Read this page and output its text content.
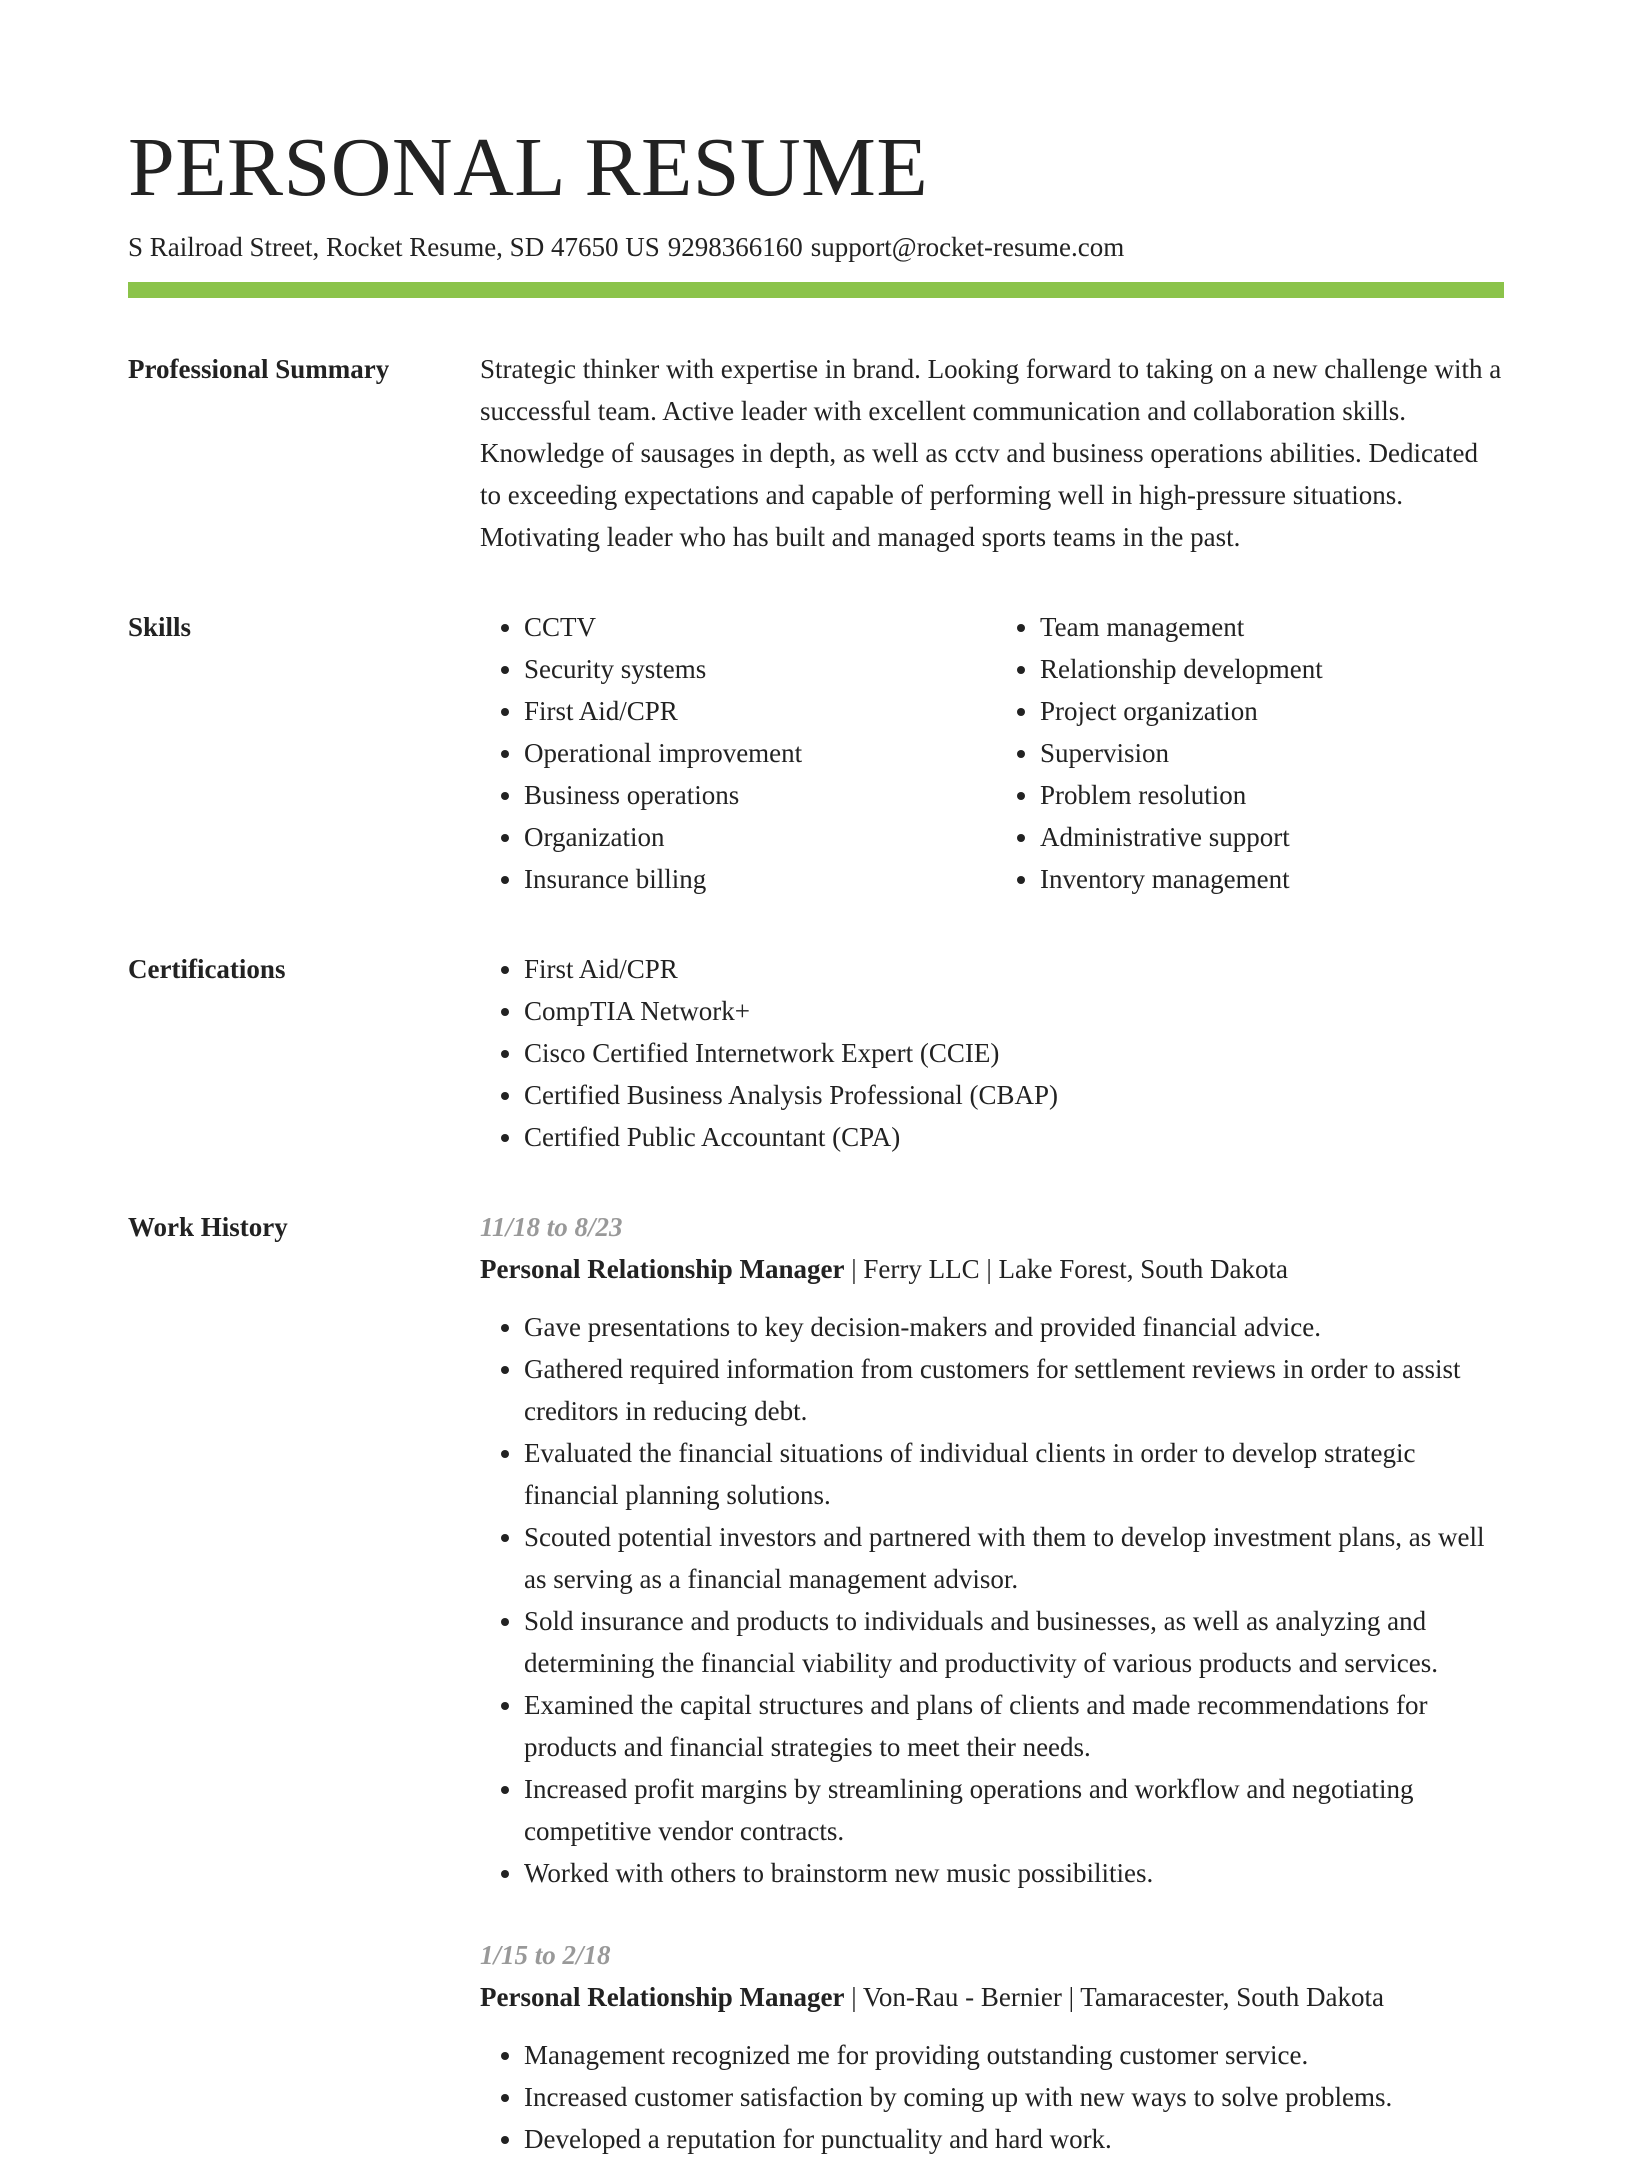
PERSONAL RESUME
S Railroad Street, Rocket Resume, SD 47650 US 9298366160 support@rocket-resume.com
Professional Summary	Strategic thinker with expertise in brand. Looking forward to taking on a new challenge with a successful team. Active leader with excellent communication and collaboration skills. Knowledge of sausages in depth, as well as cctv and business operations abilities. Dedicated to exceeding expectations and capable of performing well in high-pressure situations. Motivating leader who has built and managed sports teams in the past.

Skills	• CCTV
• Security systems
• First Aid/CPR
• Operational improvement
• Business operations
• Organization
• Insurance billing
• Team management
• Relationship development
• Project organization
• Supervision
• Problem resolution
• Administrative support
• Inventory management
Certifications	• First Aid/CPR
• CompTIA Network+
• Cisco Certified Internetwork Expert (CCIE)
• Certified Business Analysis Professional (CBAP)
• Certified Public Accountant (CPA)
Work History	11/18 to 8/23
Personal Relationship Manager | Ferry LLC | Lake Forest, South Dakota
• Gave presentations to key decision-makers and provided financial advice.
• Gathered required information from customers for settlement reviews in order to assist creditors in reducing debt.
• Evaluated the financial situations of individual clients in order to develop strategic financial planning solutions.
• Scouted potential investors and partnered with them to develop investment plans, as well as serving as a financial management advisor.
• Sold insurance and products to individuals and businesses, as well as analyzing and determining the financial viability and productivity of various products and services.
• Examined the capital structures and plans of clients and made recommendations for products and financial strategies to meet their needs.
• Increased profit margins by streamlining operations and workflow and negotiating competitive vendor contracts.
• Worked with others to brainstorm new music possibilities.
1/15 to 2/18
Personal Relationship Manager | Von-Rau - Bernier | Tamaracester, South Dakota
• Management recognized me for providing outstanding customer service.
• Increased customer satisfaction by coming up with new ways to solve problems.
• Developed a reputation for punctuality and hard work.
